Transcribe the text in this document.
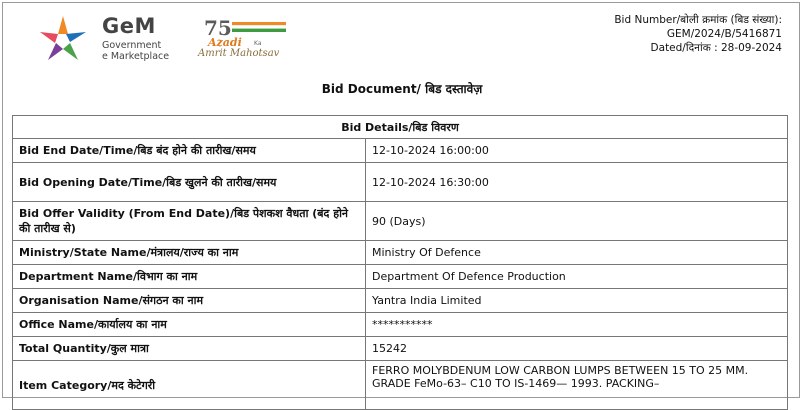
GeM
Government
e Marketplace
75
Azadi Ka
Amrit Mahotsav
Bid Number/बोली क्रमांक (बिड संख्या):
GEM/2024/B/5416871
Dated/दिनांक : 28-09-2024
Bid Document/ बिड दस्तावेज़
Bid Details/बिड विवरण	
Bid End Date/Time/बिड बंद होने की तारीख/समय	12-10-2024 16:00:00
Bid Opening Date/Time/बिड खुलने की तारीख/समय	12-10-2024 16:30:00
Bid Offer Validity (From End Date)/बिड पेशकश वैधता (बंद होने की तारीख से)	90 (Days)
Ministry/State Name/मंत्रालय/राज्य का नाम	Ministry Of Defence
Department Name/विभाग का नाम	Department Of Defence Production
Organisation Name/संगठन का नाम	Yantra India Limited
Office Name/कार्यालय का नाम	***********
Total Quantity/कुल मात्रा	15242
Item Category/मद केटेगरी	FERRO MOLYBDENUM LOW CARBON LUMPS BETWEEN 15 TO 25 MM. GRADE FeMo-63– C10 TO IS-1469— 1993. PACKING–
